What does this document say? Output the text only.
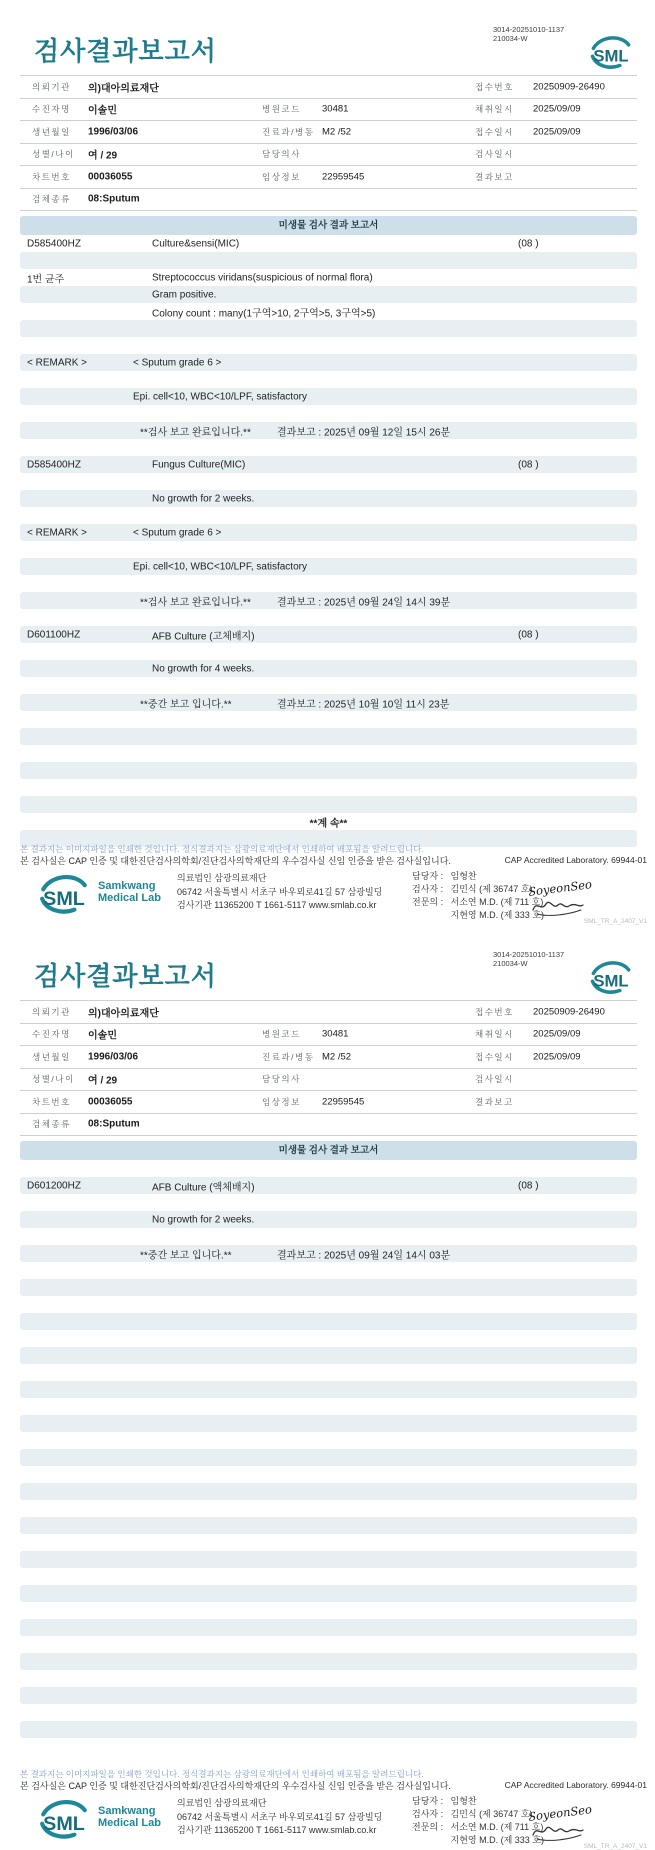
검사결과보고서
3014-20251010-1137
210034-W
SML
의뢰기관 의)대아의료재단	접수번호 20250909-26490
수진자명 이솔민	병원코드 30481	채취일시 2025/09/09
생년월일 1996/03/06	진료과/병동 M2 /52	접수일시 2025/09/09
성별/나이 여 / 29	담당의사	검사일시
차트번호 00036055	임상정보 22959545	결과보고
검체종류 08:Sputum
미생물 검사 결과 보고서
D585400HZ	Culture&sensi(MIC)	(08 )
1번 균주	Streptococcus viridans(suspicious of normal flora)
Gram positive.
Colony count : many(1구역>10, 2구역>5, 3구역>5)
< REMARK >	< Sputum grade 6 >
Epi. cell<10, WBC<10/LPF, satisfactory
**검사 보고 완료입니다.**	결과보고 : 2025년 09월 12일 15시 26분
D585400HZ	Fungus Culture(MIC)	(08 )
No growth for 2 weeks.
< REMARK >	< Sputum grade 6 >
Epi. cell<10, WBC<10/LPF, satisfactory
**검사 보고 완료입니다.**	결과보고 : 2025년 09월 24일 14시 39분
D601100HZ	AFB Culture (고체배지)	(08 )
No growth for 4 weeks.
**중간 보고 입니다.**	결과보고 : 2025년 10월 10일 11시 23분
**계 속**
본 결과지는 이미지파일을 인쇄한 것입니다. 정식결과지는 삼광의료재단에서 인쇄하여 배포됨을 알려드립니다.
본 검사실은 CAP 인증 및 대한진단검사의학회/진단검사의학재단의 우수검사실 신임 인증을 받은 검사실입니다.	CAP Accredited Laboratory. 69944-01
SML
Samkwang
Medical Lab
의료법인 삼광의료재단
06742 서울특별시 서초구 바우뫼로41길 57 삼광빌딩
검사기관 11365200 T 1661-5117 www.smlab.co.kr
담당자 : 임형찬
검사자 : 김민식 (제 36747 호)
전문의 : 서소연 M.D. (제 711 호)
지현영 M.D. (제 333 호)
SoyeonSeo
SML_TR_A_2407_V1
검사결과보고서
3014-20251010-1137
210034-W
SML
의뢰기관 의)대아의료재단	접수번호 20250909-26490
수진자명 이솔민	병원코드 30481	채취일시 2025/09/09
생년월일 1996/03/06	진료과/병동 M2 /52	접수일시 2025/09/09
성별/나이 여 / 29	담당의사	검사일시
차트번호 00036055	임상정보 22959545	결과보고
검체종류 08:Sputum
미생물 검사 결과 보고서
D601200HZ	AFB Culture (액체배지)	(08 )
No growth for 2 weeks.
**중간 보고 입니다.**	결과보고 : 2025년 09월 24일 14시 03분
본 결과지는 이미지파일을 인쇄한 것입니다. 정식결과지는 삼광의료재단에서 인쇄하여 배포됨을 알려드립니다.
본 검사실은 CAP 인증 및 대한진단검사의학회/진단검사의학재단의 우수검사실 신임 인증을 받은 검사실입니다.	CAP Accredited Laboratory. 69944-01
SML
Samkwang
Medical Lab
의료법인 삼광의료재단
06742 서울특별시 서초구 바우뫼로41길 57 삼광빌딩
검사기관 11365200 T 1661-5117 www.smlab.co.kr
담당자 : 임형찬
검사자 : 김민식 (제 36747 호)
전문의 : 서소연 M.D. (제 711 호)
지현영 M.D. (제 333 호)
SoyeonSeo
SML_TR_A_2407_V1
